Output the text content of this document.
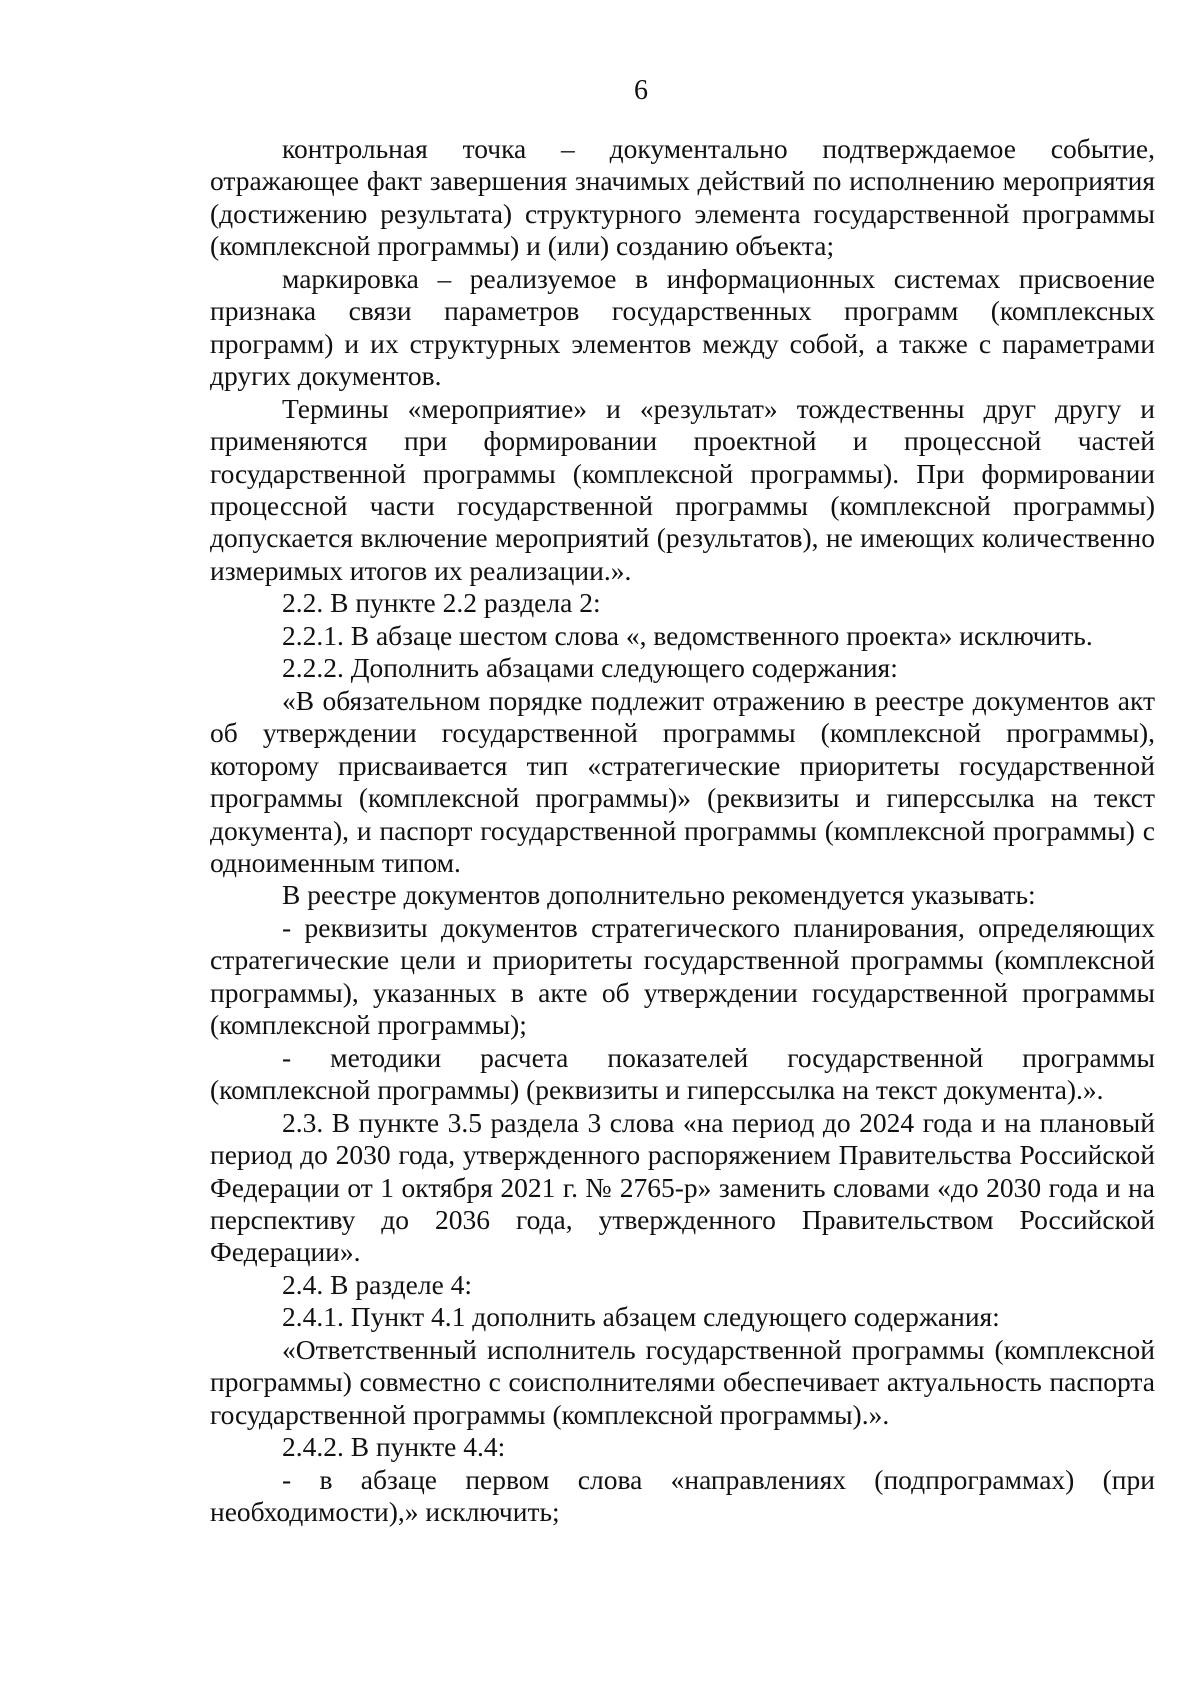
6

контрольная точка – документально подтверждаемое событие, отражающее факт завершения значимых действий по исполнению мероприятия (достижению результата) структурного элемента государственной программы (комплексной программы) и (или) созданию объекта;

маркировка – реализуемое в информационных системах присвоение признака связи параметров государственных программ (комплексных программ) и их структурных элементов между собой, а также с параметрами других документов.

Термины «мероприятие» и «результат» тождественны друг другу и применяются при формировании проектной и процессной частей государственной программы (комплексной программы). При формировании процессной части государственной программы (комплексной программы) допускается включение мероприятий (результатов), не имеющих количественно измеримых итогов их реализации.».

2.2. В пункте 2.2 раздела 2:

2.2.1. В абзаце шестом слова «, ведомственного проекта» исключить.

2.2.2. Дополнить абзацами следующего содержания:

«В обязательном порядке подлежит отражению в реестре документов акт об утверждении государственной программы (комплексной программы), которому присваивается тип «стратегические приоритеты государственной программы (комплексной программы)» (реквизиты и гиперссылка на текст документа), и паспорт государственной программы (комплексной программы) с одноименным типом.

В реестре документов дополнительно рекомендуется указывать:

- реквизиты документов стратегического планирования, определяющих стратегические цели и приоритеты государственной программы (комплексной программы), указанных в акте об утверждении государственной программы (комплексной программы);

- методики расчета показателей государственной программы (комплексной программы) (реквизиты и гиперссылка на текст документа).».

2.3. В пункте 3.5 раздела 3 слова «на период до 2024 года и на плановый период до 2030 года, утвержденного распоряжением Правительства Российской Федерации от 1 октября 2021 г. № 2765-р» заменить словами «до 2030 года и на перспективу до 2036 года, утвержденного Правительством Российской Федерации».

2.4. В разделе 4:

2.4.1. Пункт 4.1 дополнить абзацем следующего содержания:

«Ответственный исполнитель государственной программы (комплексной программы) совместно с соисполнителями обеспечивает актуальность паспорта государственной программы (комплексной программы).».

2.4.2. В пункте 4.4:

- в абзаце первом слова «направлениях (подпрограммах) (при необходимости),» исключить;
